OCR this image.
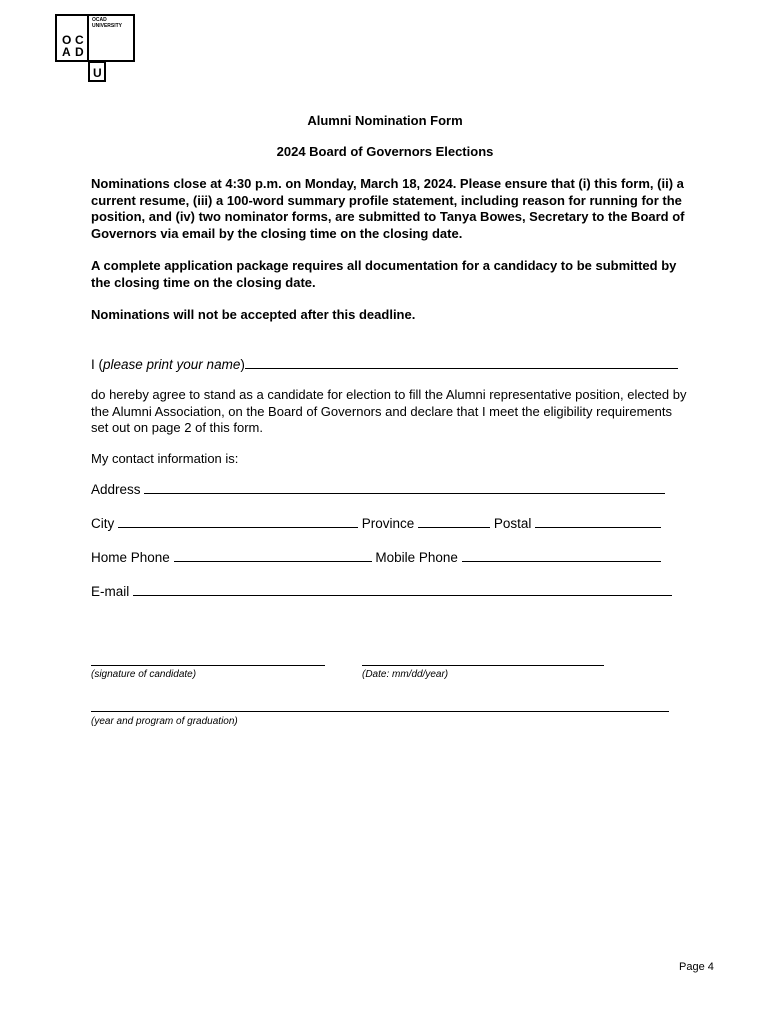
O C
A D
U
OCAD
UNIVERSITY
Alumni Nomination Form
2024 Board of Governors Elections
Nominations close at 4:30 p.m. on Monday, March 18, 2024. Please ensure that (i) this form, (ii) a current resume, (iii) a 100-word summary profile statement, including reason for running for the position, and (iv) two nominator forms, are submitted to Tanya Bowes, Secretary to the Board of Governors via email by the closing time on the closing date.
A complete application package requires all documentation for a candidacy to be submitted by the closing time on the closing date.
Nominations will not be accepted after this deadline.
I (please print your name)
do hereby agree to stand as a candidate for election to fill the Alumni representative position, elected by the Alumni Association, on the Board of Governors and declare that I meet the eligibility requirements set out on page 2 of this form.
My contact information is:
Address
City	Province	Postal
Home Phone	Mobile Phone
E-mail
(signature of candidate)	(Date: mm/dd/year)
(year and program of graduation)
Page 4
